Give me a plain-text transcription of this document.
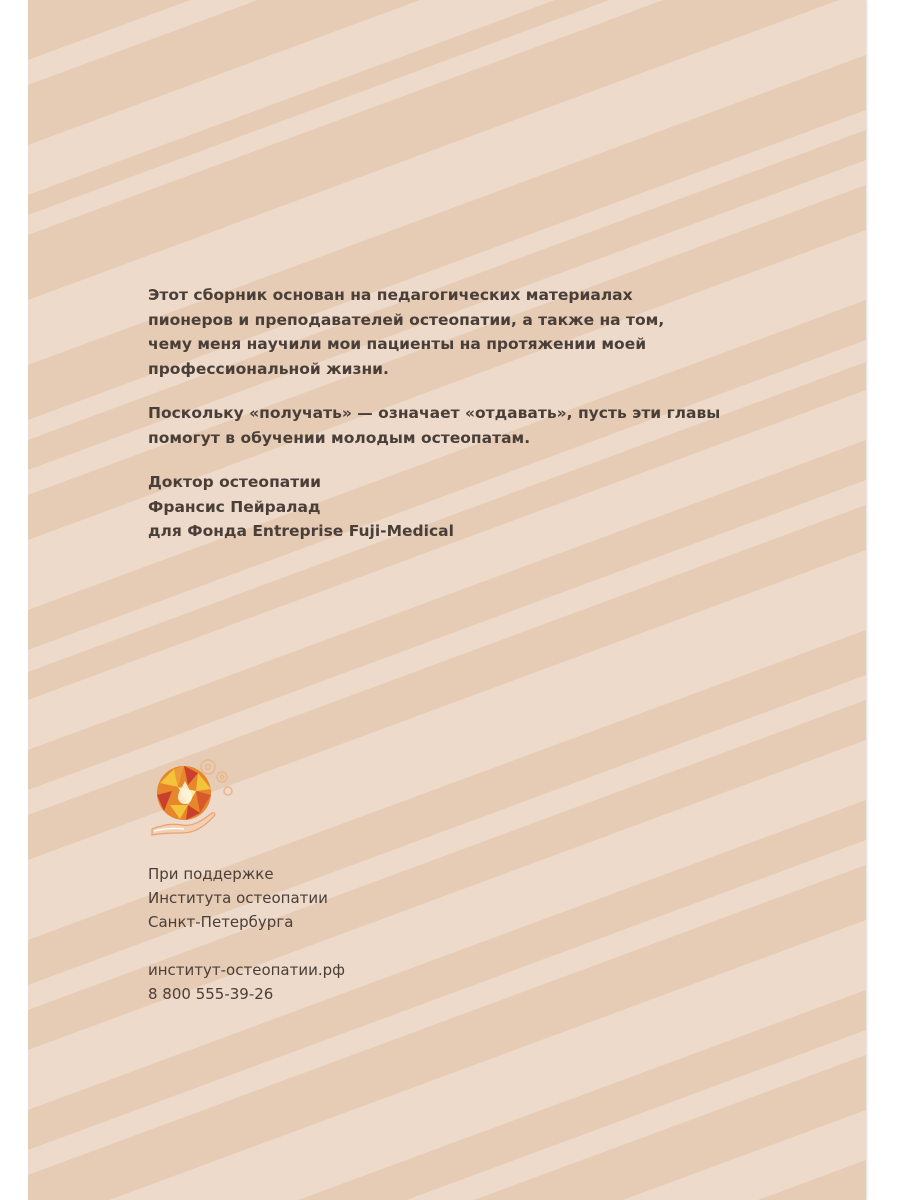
Этот сборник основан на педагогических материалах
пионеров и преподавателей остеопатии, а также на том,
чему меня научили мои пациенты на протяжении моей
профессиональной жизни.

Поскольку «получать» — означает «отдавать», пусть эти главы
помогут в обучении молодым остеопатам.

Доктор остеопатии
Франсис Пейралад
для Фонда Entreprise Fuji-Medical

При поддержке
Института остеопатии
Санкт-Петербурга
институт-остеопатии.рф
8 800 555-39-26
